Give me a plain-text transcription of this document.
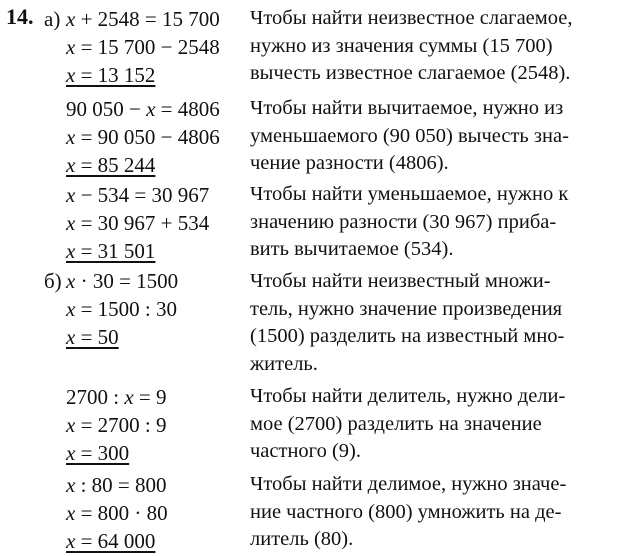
14. а)
б)
x + 2548 = 15 700
x = 15 700 − 2548
x = 13 152
Чтобы найти неизвестное слагаемое,
нужно из значения суммы (15 700)
вычесть известное слагаемое (2548).
90 050 − x = 4806
x = 90 050 − 4806
x = 85 244
Чтобы найти вычитаемое, нужно из
уменьшаемого (90 050) вычесть зна-
чение разности (4806).
x − 534 = 30 967
x = 30 967 + 534
x = 31 501
Чтобы найти уменьшаемое, нужно к
значению разности (30 967) приба-
вить вычитаемое (534).
x · 30 = 1500
x = 1500 : 30
x = 50
Чтобы найти неизвестный множи-
тель, нужно значение произведения
(1500) разделить на известный мно-
житель.
2700 : x = 9
x = 2700 : 9
x = 300
Чтобы найти делитель, нужно дели-
мое (2700) разделить на значение
частного (9).
x : 80 = 800
x = 800 · 80
x = 64 000
Чтобы найти делимое, нужно значе-
ние частного (800) умножить на де-
литель (80).
